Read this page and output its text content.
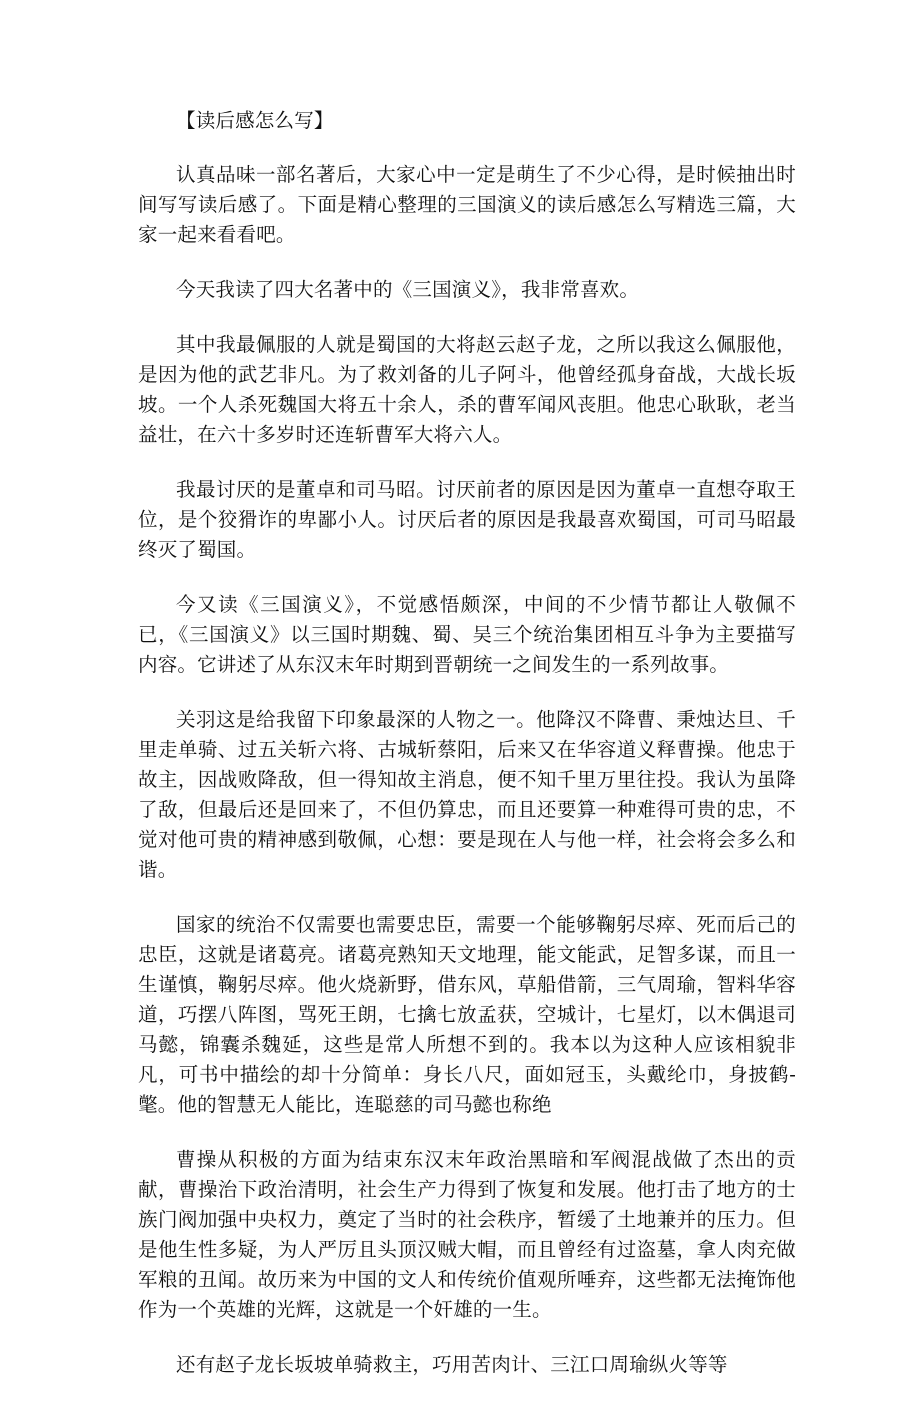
【读后感怎么写】

认真品味一部名著后，大家心中一定是萌生了不少心得，是时候抽出时间写写读后感了。下面是精心整理的三国演义的读后感怎么写精选三篇，大家一起来看看吧。

今天我读了四大名著中的《三国演义》，我非常喜欢。

其中我最佩服的人就是蜀国的大将赵云赵子龙，之所以我这么佩服他，是因为他的武艺非凡。为了救刘备的儿子阿斗，他曾经孤身奋战，大战长坂坡。一个人杀死魏国大将五十余人，杀的曹军闻风丧胆。他忠心耿耿，老当益壮，在六十多岁时还连斩曹军大将六人。

我最讨厌的是董卓和司马昭。讨厌前者的原因是因为董卓一直想夺取王位，是个狡猾诈的卑鄙小人。讨厌后者的原因是我最喜欢蜀国，可司马昭最终灭了蜀国。

今又读《三国演义》，不觉感悟颇深，中间的不少情节都让人敬佩不已，《三国演义》以三国时期魏、蜀、吴三个统治集团相互斗争为主要描写内容。它讲述了从东汉末年时期到晋朝统一之间发生的一系列故事。

关羽这是给我留下印象最深的人物之一。他降汉不降曹、秉烛达旦、千里走单骑、过五关斩六将、古城斩蔡阳，后来又在华容道义释曹操。他忠于故主，因战败降敌，但一得知故主消息，便不知千里万里往投。我认为虽降了敌，但最后还是回来了，不但仍算忠，而且还要算一种难得可贵的忠，不觉对他可贵的精神感到敬佩，心想：要是现在人与他一样，社会将会多么和谐。

国家的统治不仅需要也需要忠臣，需要一个能够鞠躬尽瘁、死而后己的忠臣，这就是诸葛亮。诸葛亮熟知天文地理，能文能武，足智多谋，而且一生谨慎，鞠躬尽瘁。他火烧新野，借东风，草船借箭，三气周瑜，智料华容道，巧摆八阵图，骂死王朗，七擒七放孟获，空城计，七星灯，以木偶退司马懿，锦囊杀魏延，这些是常人所想不到的。我本以为这种人应该相貌非凡，可书中描绘的却十分简单：身长八尺，面如冠玉，头戴纶巾，身披鹤-氅。他的智慧无人能比，连聪慈的司马懿也称绝

曹操从积极的方面为结束东汉末年政治黑暗和军阀混战做了杰出的贡献，曹操治下政治清明，社会生产力得到了恢复和发展。他打击了地方的士族门阀加强中央权力，奠定了当时的社会秩序，暂缓了土地兼并的压力。但是他生性多疑，为人严厉且头顶汉贼大帽，而且曾经有过盗墓，拿人肉充做军粮的丑闻。故历来为中国的文人和传统价值观所唾弃，这些都无法掩饰他作为一个英雄的光辉，这就是一个奸雄的一生。

还有赵子龙长坂坡单骑救主，巧用苦肉计、三江口周瑜纵火等等
